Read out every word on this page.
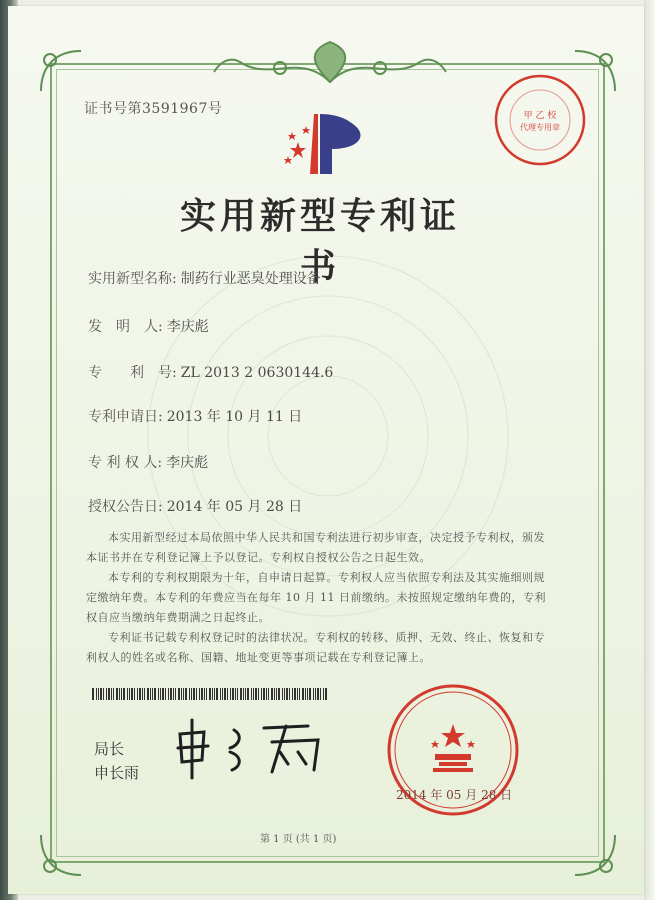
证书号第3591967号	甲 乙 校
代理专用章
实用新型专利证书
实用新型名称: 制药行业恶臭处理设备
发　明　人: 李庆彪
专　　利　号: ZL 2013 2 0630144.6
专利申请日: 2013 年 10 月 11 日
专 利 权 人: 李庆彪
授权公告日: 2014 年 05 月 28 日

本实用新型经过本局依照中华人民共和国专利法进行初步审查，决定授予专利权，颁发本证书并在专利登记簿上予以登记。专利权自授权公告之日起生效。

本专利的专利权期限为十年，自申请日起算。专利权人应当依照专利法及其实施细则规定缴纳年费。本专利的年费应当在每年 10 月 11 日前缴纳。未按照规定缴纳年费的，专利权自应当缴纳年费期满之日起终止。

专利证书记载专利权登记时的法律状况。专利权的转移、质押、无效、终止、恢复和专利权人的姓名或名称、国籍、地址变更等事项记载在专利登记簿上。

局长
申长雨
2014 年 05 月 28 日
第 1 页 (共 1 页)
